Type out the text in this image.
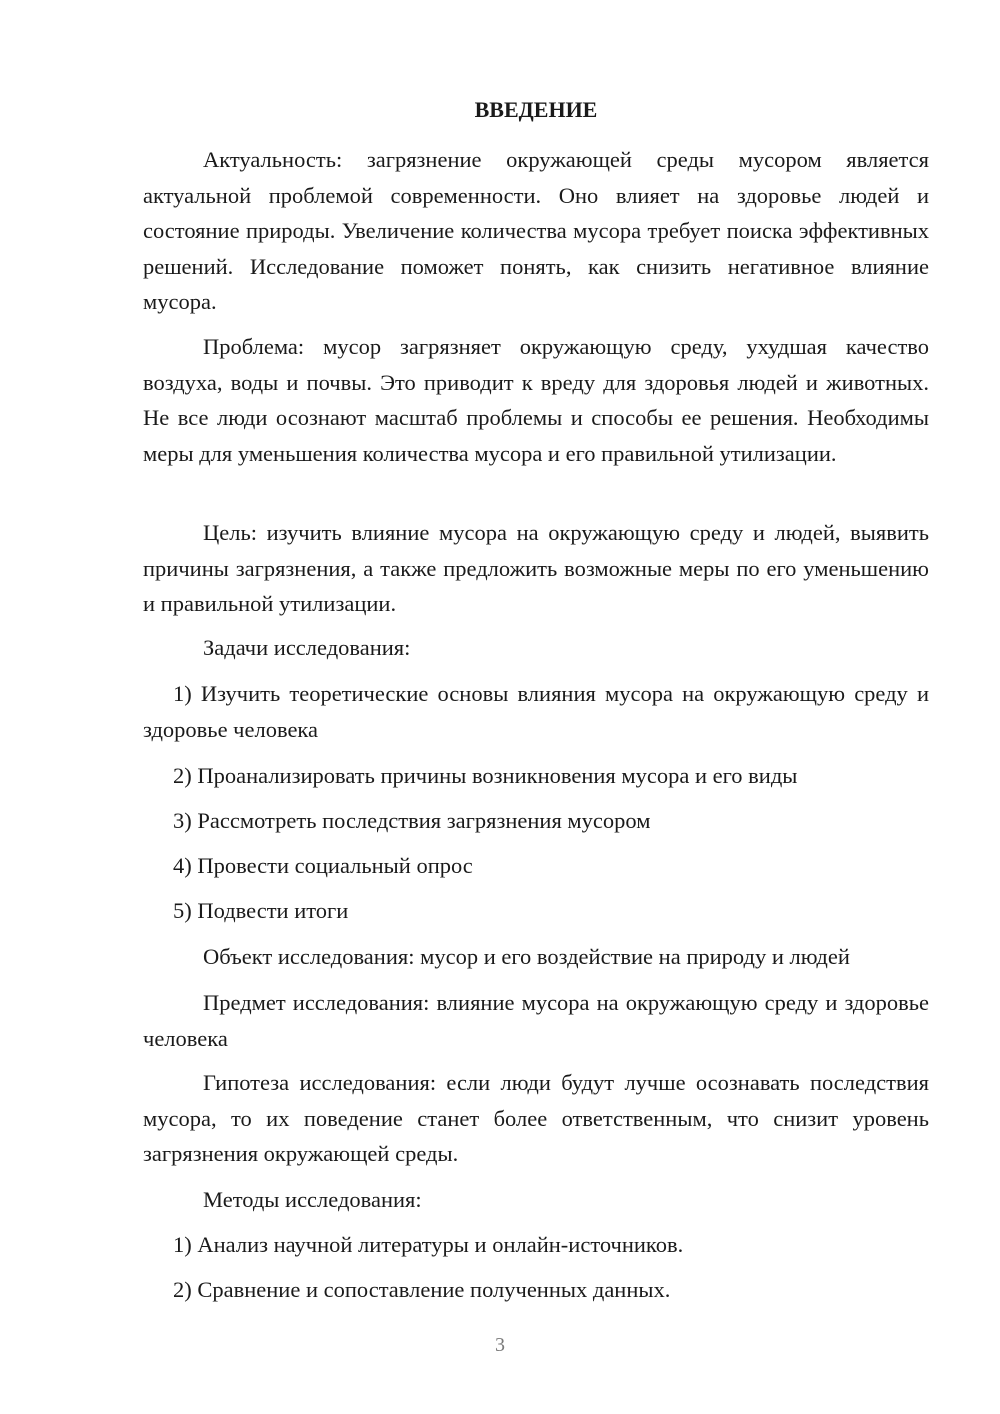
ВВЕДЕНИЕ

Актуальность: загрязнение окружающей среды мусором является актуальной проблемой современности. Оно влияет на здоровье людей и состояние природы. Увеличение количества мусора требует поиска эффективных решений. Исследование поможет понять, как снизить негативное влияние мусора.

Проблема: мусор загрязняет окружающую среду, ухудшая качество воздуха, воды и почвы. Это приводит к вреду для здоровья людей и животных. Не все люди осознают масштаб проблемы и способы ее решения. Необходимы меры для уменьшения количества мусора и его правильной утилизации.

Цель: изучить влияние мусора на окружающую среду и людей, выявить причины загрязнения, а также предложить возможные меры по его уменьшению и правильной утилизации.

Задачи исследования:

1) Изучить теоретические основы влияния мусора на окружающую среду и здоровье человека

2) Проанализировать причины возникновения мусора и его виды

3) Рассмотреть последствия загрязнения мусором

4) Провести социальный опрос

5) Подвести итоги

Объект исследования: мусор и его воздействие на природу и людей

Предмет исследования: влияние мусора на окружающую среду и здоровье человека

Гипотеза исследования: если люди будут лучше осознавать последствия мусора, то их поведение станет более ответственным, что снизит уровень загрязнения окружающей среды.

Методы исследования:

1) Анализ научной литературы и онлайн-источников.

2) Сравнение и сопоставление полученных данных.

3
